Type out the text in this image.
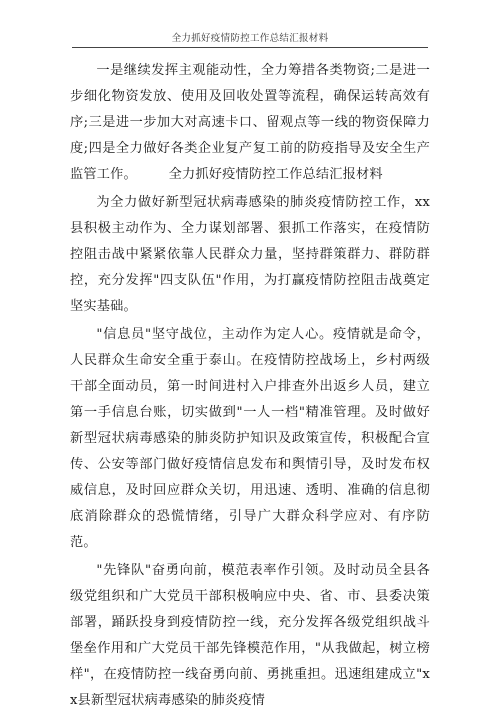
全力抓好疫情防控工作总结汇报材料

一是继续发挥主观能动性，全力筹措各类物资;二是进一步细化物资发放、使用及回收处置等流程，确保运转高效有序;三是进一步加大对高速卡口、留观点等一线的物资保障力度;四是全力做好各类企业复产复工前的防疫指导及安全生产监管工作。 全力抓好疫情防控工作总结汇报材料

为全力做好新型冠状病毒感染的肺炎疫情防控工作，xx县积极主动作为、全力谋划部署、狠抓工作落实，在疫情防控阻击战中紧紧依靠人民群众力量，坚持群策群力、群防群控，充分发挥"四支队伍"作用，为打赢疫情防控阻击战奠定坚实基础。

"信息员"坚守战位，主动作为定人心。疫情就是命令，人民群众生命安全重于泰山。在疫情防控战场上，乡村两级干部全面动员，第一时间进村入户排查外出返乡人员，建立第一手信息台账，切实做到"一人一档"精准管理。及时做好新型冠状病毒感染的肺炎防护知识及政策宣传，积极配合宣传、公安等部门做好疫情信息发布和舆情引导，及时发布权威信息，及时回应群众关切，用迅速、透明、准确的信息彻底消除群众的恐慌情绪，引导广大群众科学应对、有序防范。

"先锋队"奋勇向前，模范表率作引领。及时动员全县各级党组织和广大党员干部积极响应中央、省、市、县委决策部署，踊跃投身到疫情防控一线，充分发挥各级党组织战斗堡垒作用和广大党员干部先锋模范作用，"从我做起，树立榜样"，在疫情防控一线奋勇向前、勇挑重担。迅速组建成立"xx县新型冠状病毒感染的肺炎疫情
